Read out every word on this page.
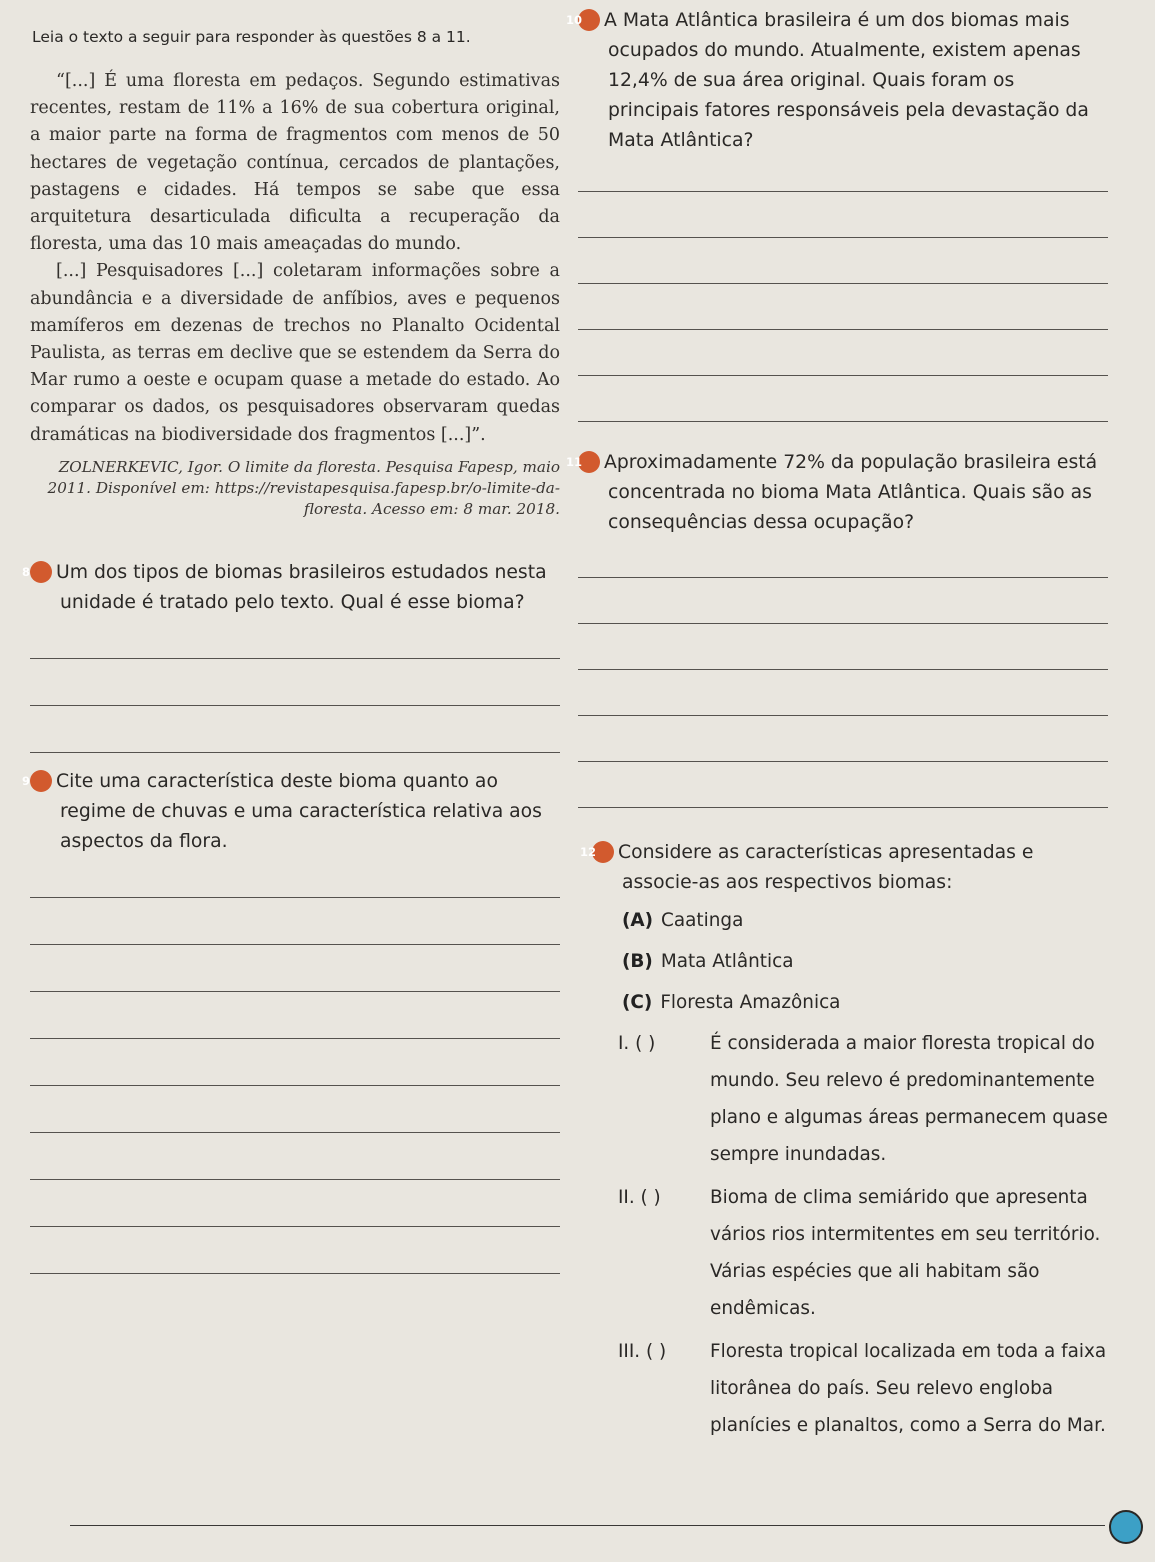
Leia o texto a seguir para responder às questões 8 a 11.

“[...] É uma floresta em pedaços. Segundo estimativas recentes, restam de 11% a 16% de sua cobertura original, a maior parte na forma de fragmentos com menos de 50 hectares de vegetação contínua, cercados de plantações, pastagens e cidades. Há tempos se sabe que essa arquitetura desarticulada dificulta a recuperação da floresta, uma das 10 mais ameaçadas do mundo.

[...] Pesquisadores [...] coletaram informações sobre a abundância e a diversidade de anfíbios, aves e pequenos mamíferos em dezenas de trechos no Planalto Ocidental Paulista, as terras em declive que se estendem da Serra do Mar rumo a oeste e ocupam quase a metade do estado. Ao comparar os dados, os pesquisadores observaram quedas dramáticas na biodiversidade dos fragmentos [...]”.

ZOLNERKEVIC, Igor. O limite da floresta. Pesquisa Fapesp, maio 2011. Disponível em: https://revistapesquisa.fapesp.br/o-limite-da-floresta. Acesso em: 8 mar. 2018.
8 Um dos tipos de biomas brasileiros estudados nesta unidade é tratado pelo texto. Qual é esse bioma?
9 Cite uma característica deste bioma quanto ao regime de chuvas e uma característica relativa aos aspectos da flora.
10 A Mata Atlântica brasileira é um dos biomas mais ocupados do mundo. Atualmente, existem apenas 12,4% de sua área original. Quais foram os principais fatores responsáveis pela devastação da Mata Atlântica?
11 Aproximadamente 72% da população brasileira está concentrada no bioma Mata Atlântica. Quais são as consequências dessa ocupação?
12 Considere as características apresentadas e associe-as aos respectivos biomas:
(A) Caatinga
(B) Mata Atlântica
(C) Floresta Amazônica
I. ( )	É considerada a maior floresta tropical do mundo. Seu relevo é predominantemente plano e algumas áreas permanecem quase sempre inundadas.
II. ( )	Bioma de clima semiárido que apresenta vários rios intermitentes em seu território. Várias espécies que ali habitam são endêmicas.
III. ( )	Floresta tropical localizada em toda a faixa litorânea do país. Seu relevo engloba planícies e planaltos, como a Serra do Mar.
